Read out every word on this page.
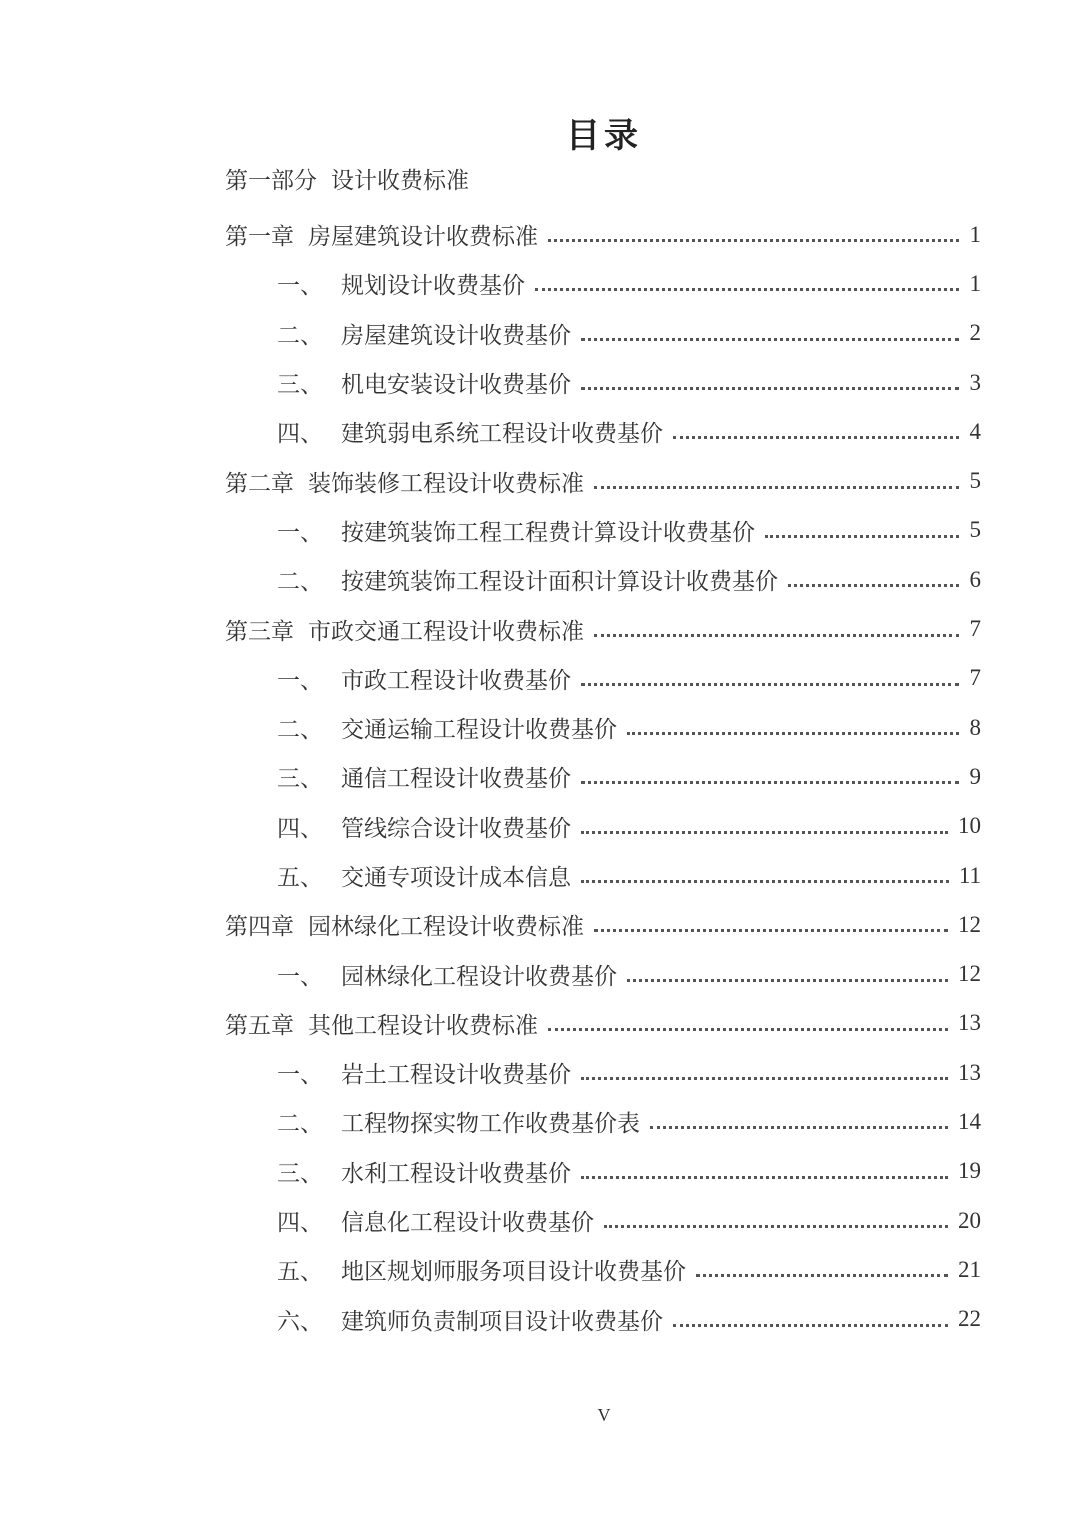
目录
第一部分 设计收费标准
第一章 房屋建筑设计收费标准	1
一、 规划设计收费基价	1
二、 房屋建筑设计收费基价	2
三、 机电安装设计收费基价	3
四、 建筑弱电系统工程设计收费基价	4
第二章 装饰装修工程设计收费标准	5
一、 按建筑装饰工程工程费计算设计收费基价	5
二、 按建筑装饰工程设计面积计算设计收费基价	6
第三章 市政交通工程设计收费标准	7
一、 市政工程设计收费基价	7
二、 交通运输工程设计收费基价	8
三、 通信工程设计收费基价	9
四、 管线综合设计收费基价	10
五、 交通专项设计成本信息	11
第四章 园林绿化工程设计收费标准	12
一、 园林绿化工程设计收费基价	12
第五章 其他工程设计收费标准	13
一、 岩土工程设计收费基价	13
二、 工程物探实物工作收费基价表	14
三、 水利工程设计收费基价	19
四、 信息化工程设计收费基价	20
五、 地区规划师服务项目设计收费基价	21
六、 建筑师负责制项目设计收费基价	22
V
